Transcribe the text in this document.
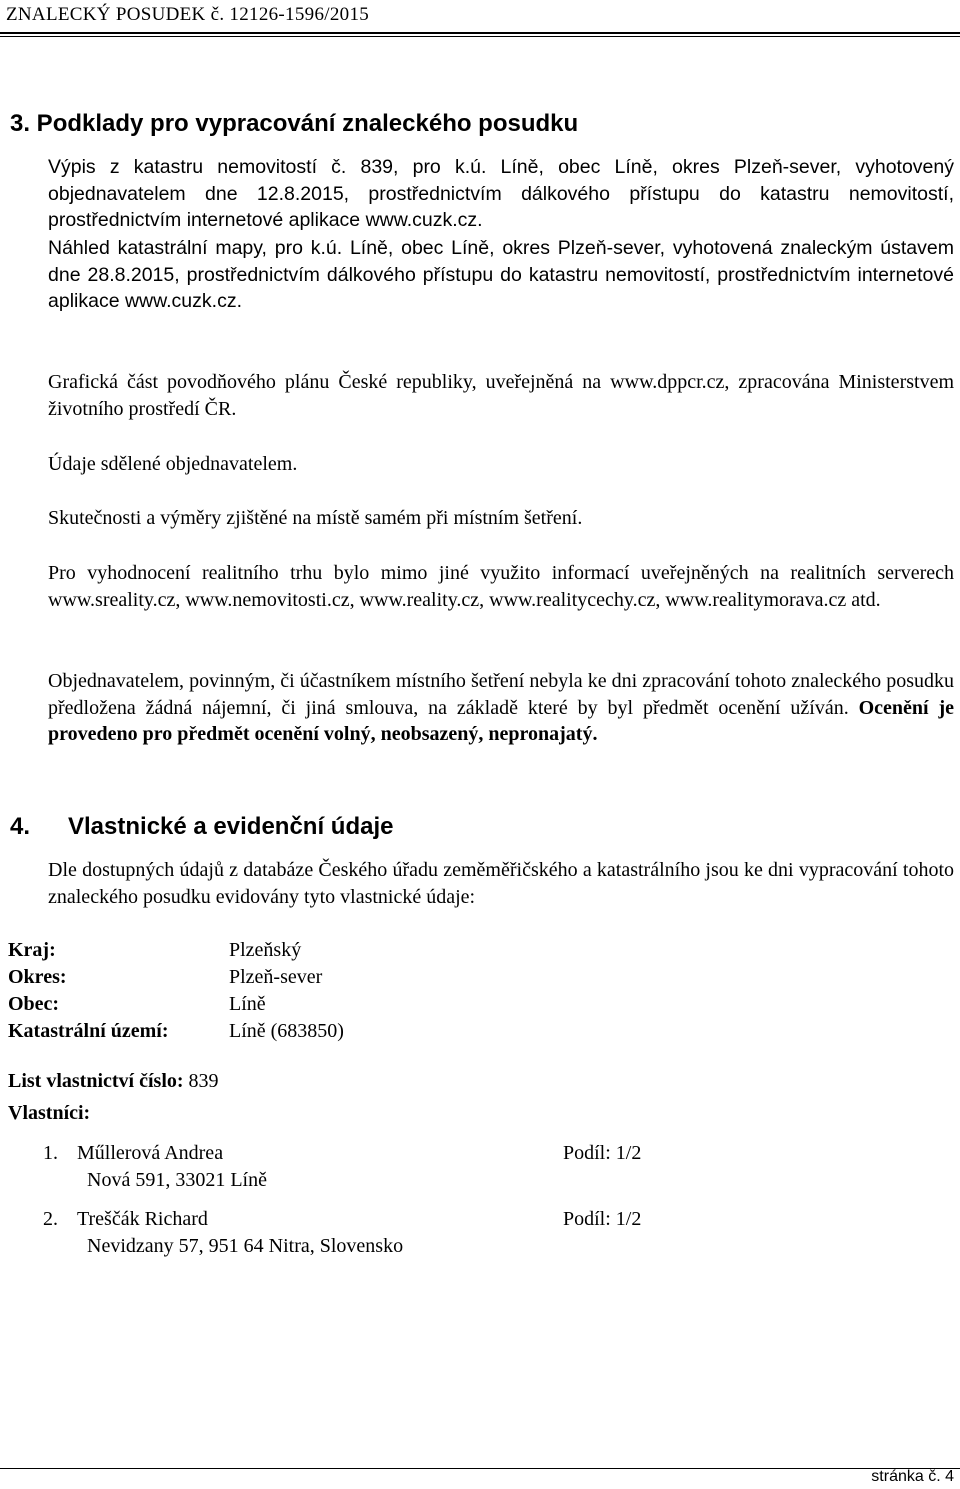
ZNALECKÝ POSUDEK č. 12126-1596/2015
3. Podklady pro vypracování znaleckého posudku

Výpis z katastru nemovitostí č. 839, pro k.ú. Líně, obec Líně, okres Plzeň-sever, vyhotovený objednavatelem dne 12.8.2015, prostřednictvím dálkového přístupu do katastru nemovitostí, prostřednictvím internetové aplikace www.cuzk.cz.

Náhled katastrální mapy, pro k.ú. Líně, obec Líně, okres Plzeň-sever, vyhotovená znaleckým ústavem dne 28.8.2015, prostřednictvím dálkového přístupu do katastru nemovitostí, prostřednictvím internetové aplikace www.cuzk.cz.

Grafická část povodňového plánu České republiky, uveřejněná na www.dppcr.cz, zpracována Ministerstvem životního prostředí ČR.

Údaje sdělené objednavatelem.

Skutečnosti a výměry zjištěné na místě samém při místním šetření.

Pro vyhodnocení realitního trhu bylo mimo jiné využito informací uveřejněných na realitních serverech www.sreality.cz, www.nemovitosti.cz, www.reality.cz, www.realitycechy.cz, www.realitymorava.cz atd.

Objednavatelem, povinným, či účastníkem místního šetření nebyla ke dni zpracování tohoto znaleckého posudku předložena žádná nájemní, či jiná smlouva, na základě které by byl předmět ocenění užíván. Ocenění je provedeno pro předmět ocenění volný, neobsazený, nepronajatý.

4. Vlastnické a evidenční údaje

Dle dostupných údajů z databáze Českého úřadu zeměměřičského a katastrálního jsou ke dni vypracování tohoto znaleckého posudku evidovány tyto vlastnické údaje:

Kraj:	Plzeňský
Okres:	Plzeň-sever
Obec:	Líně
Katastrální území:	Líně (683850)
List vlastnictví číslo: 839
Vlastníci:
1. Műllerová Andrea	Podíl: 1/2
Nová 591, 33021 Líně
2. Treščák Richard	Podíl: 1/2
Nevidzany 57, 951 64 Nitra, Slovensko
stránka č. 4
